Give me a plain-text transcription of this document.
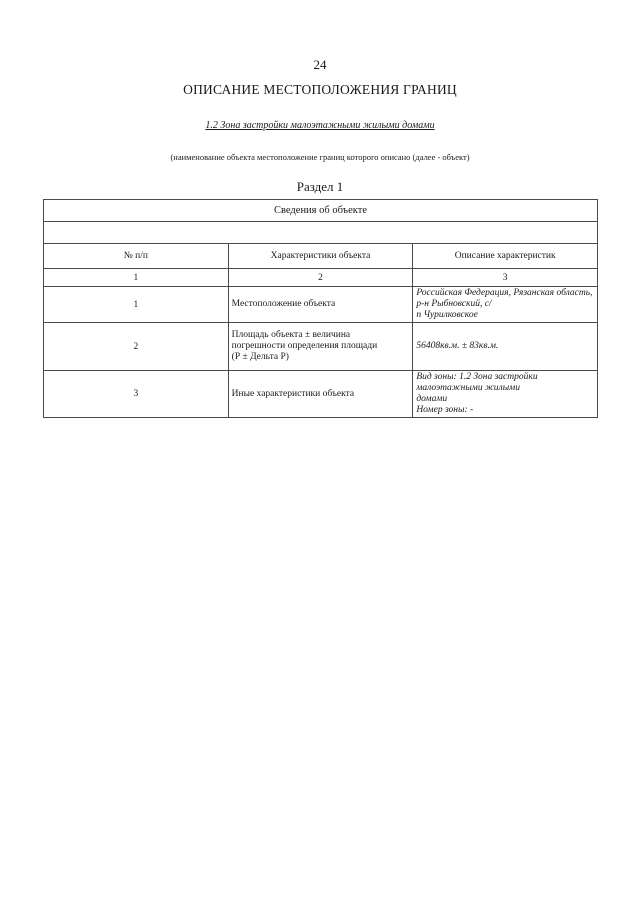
24
ОПИСАНИЕ МЕСТОПОЛОЖЕНИЯ ГРАНИЦ
1.2 Зона застройки малоэтажными жилыми домами
(наименование объекта местоположение границ которого описано (далее - объект)
Раздел 1
Сведения об объекте		

№ п/п	Характеристики объекта	Описание характеристик
1	2	3
1	Местоположение объекта	Российская Федерация, Рязанская область, р-н Рыбновский, с/
п Чурилковское

2	Площадь объекта ± величина
погрешности определения площади
(Р ± Дельта Р)	56408кв.м. ± 83кв.м.

3	Иные характеристики объекта	Вид зоны: 1.2 Зона застройки малоэтажными жилыми
домами
Номер зоны: -
